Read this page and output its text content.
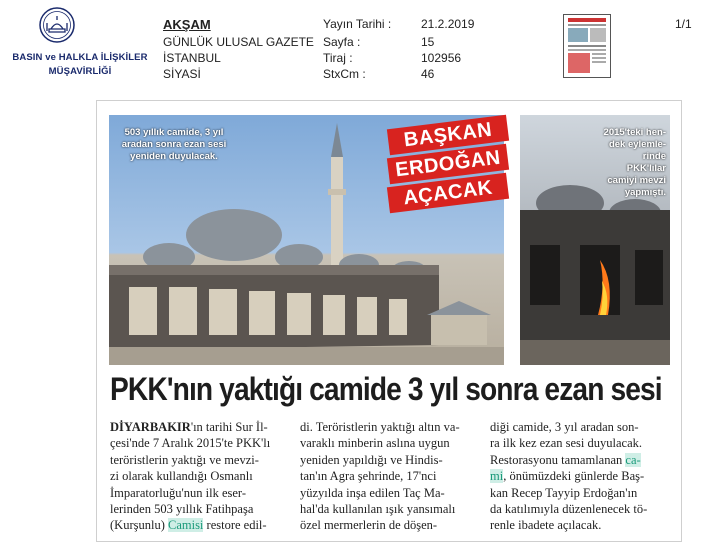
BASIN ve HALKLA İLİŞKİLER
MÜŞAVİRLİĞİ
AKŞAM
GÜNLÜK ULUSAL GAZETE
İSTANBUL
SİYASİ
Yayın Tarihi :
Sayfa :
Tiraj :
StxCm :
21.2.2019
15
102956
46
1/1
503 yıllık camide, 3 yıl
aradan sonra ezan sesi
yeniden duyulacak.
BAŞKAN
ERDOĞAN
AÇACAK
2015'teki hen-
dek eylemle-
rinde PKK'lılar
camiyi mevzi
yapmıştı.
PKK'nın yaktığı camide 3 yıl sonra ezan sesi

DİYARBAKIR'ın tarihi Sur İl-

çesi'nde 7 Aralık 2015'te PKK'lı

teröristlerin yaktığı ve mevzi-

zi olarak kullandığı Osmanlı

İmparatorluğu'nun ilk eser-

lerinden 503 yıllık Fatihpaşa

(Kurşunlu) Camisi restore edil-

di. Teröristlerin yaktığı altın va-

varaklı minberin aslına uygun

yeniden yapıldığı ve Hindis-

tan'ın Agra şehrinde, 17'nci

yüzyılda inşa edilen Taç Ma-

hal'da kullanılan ışık yansımalı

özel mermerlerin de döşen-

diği camide, 3 yıl aradan son-

ra ilk kez ezan sesi duyulacak.

Restorasyonu tamamlanan ca-

mi, önümüzdeki günlerde Baş-

kan Recep Tayyip Erdoğan'ın

da katılımıyla düzenlenecek tö-

renle ibadete açılacak.
